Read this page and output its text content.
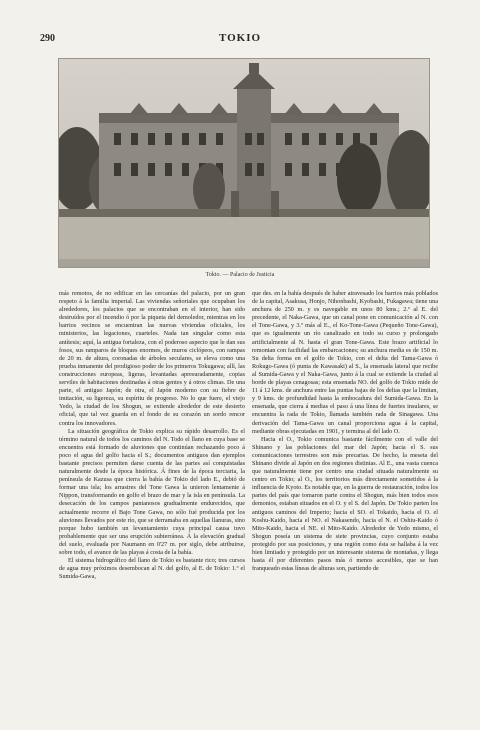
290	TOKIO
Tokio. — Palacio de Justicia

más remotos, de no edificar en las cercanías del palacio, por un gran respeto á la familia imperial. Las viviendas señoriales que ocupaban los alrededores, los palacios que se encontraban en el interior, han sido destruídos por el incendio ó por la piqueta del demoledor, mientras en los barrios vecinos se encuentran las nuevas viviendas oficiales, los ministerios, las legaciones, cuarteles. Nada tan singular como esta antítesis; aquí, la antigua fortaleza, con el poderoso aspecto que le dan sus fosos, sus ramparos de bloques enormes, de muros ciclópeos, con rampas de 20 m. de altura, coronadas de árboles seculares, se eleva como una prueba inmanente del prodigioso poder de los primeros Tokugawa; allí, las construcciones europeas, ligeras, levantadas apresuradamente, copias serviles de habitaciones destinadas á otras gentes y á otros climas. De una parte, el antiguo Japón; de otra, el Japón moderno con su fiebre de imitación, su ligereza, su espíritu de progreso. No lo que fuere, el viejo Yedo, la ciudad de los Shogun, se extiende alrededor de este desierto oficial, que tal vez guarda en el fondo de su corazón un sordo rencor contra los innovadores.

La situación geográfica de Tokio explica su rápido desarrollo. Es el término natural de todos los caminos del N. Todo el llano en cuya base se encuentra está formado de aluviones que continúan rechazando poco á poco el agua del golfo hacia el S.; documentos antiguos dan ejemplos bastante precisos permiten darse cuenta de las partes así conquistadas naturalmente desde la época histórica. Á fines de la época terciaria, la península de Kazusa que cierra la bahía de Tokio del lado E., debió de formar una isla; los arrastres del Tone Gawa la unieron lentamente á Nippon, transformando en golfo el brazo de mar y la isla en península. La desecación de los campos pantanosos gradualmente endurecidos, que actualmente recorre el Bajo Tone Gawa, no sólo fué producida por los aluviones llevados por este río, que se derramaba en aquellas llanuras, sino porque hubo también un levantamiento cuya principal causa tuvo probablemente que ser una erupción subterránea. Á la elevación gradual del suelo, evaluada por Naumann en 0'27 m. por siglo, debe atribuirse, sobre todo, el avance de las playas á costa de la bahía.

El sistema hidrográfico del llano de Tokio es bastante rico; tres cursos de agua muy próximos desembocan al N. del golfo, al E. de Tokio: 1.º el Sumida-Gawa,

que des. en la bahía después de haber atravesado los barrios más poblados de la capital, Asakusa, Honjo, Nihonbashi, Kyobashi, Fukagawa; tiene una anchura de 250 m. y es navegable en unos 80 kms.; 2.º al E. del precedente, el Naka-Gawa, que un canal pone en comunicación al N. con el Tone-Gawa, y 3.º más al E., el Ko-Tone-Gawa (Pequeño Tone-Gawa), que es igualmente un río canalizado en todo su curso y prolongado artificialmente al N. hasta el gran Tone-Gawa. Este brazo artificial lo remontan con facilidad las embarcaciones; su anchura media es de 150 m. Su delta forma en el golfo de Tokio, con el delta del Tama-Gawa ó Rokugo-Gawa (ó punta de Kawasaki) al S., la ensenada lateral que recibe al Sumida-Gawa y el Naka-Gawa, junto á la cual se extiende la ciudad al borde de playas cenagosas; esta ensenada NO. del golfo de Tokio mide de 11 á 12 kms. de anchura entre las puntas bajas de los deltas que la limitan, y 9 kms. de profundidad hasta la embocadura del Sumida-Gawa. En la ensenada, que cierra á medias el paso á una línea de fuertes insulares, se encuentra la rada de Tokio, llamada también rada de Sinagawa. Una derivación del Tama-Gawa un canal proporciona agua á la capital, mediante obras ejecutadas en 1901, y termina al del lado O.

Hacia el O., Tokio comunica bastante fácilmente con el valle del Shinano y las poblaciones del mar del Japón; hacia el S. sus comunicaciones terrestres son más precarias. De hecho, la meseta del Shinano divide al Japón en dos regiones distintas. Al E., una vasta cuenca que naturalmente tiene por centro una ciudad situada naturalmente su centro en Tokio; al O., los territorios más directamente sometidos á la influencia de Kyoto. Es notable que, en la guerra de restauración, todos los partes del país que tomaron parte contra el Shogun, más bien todos esos demonios, estaban situados en el O. y el S. del Japón. De Tokio parten los antiguos caminos del Imperio; hacia el SO. el Tokaido, hacia el O. el Koshu-Kaido, hacia el NO. el Nakasendo, hacia el N. el Oshiu-Kaido ó Mito-Kaido, hacia el NE. el Mito-Kaido. Alrededor de Yedo mismo, el Shogun poseía un sistema de siete provincias, cuyo conjunto estaba protegido por sus posiciones, y una región como ésta se hallaba á la vez bien limitado y protegido por un interesante sistema de montañas, y llega hasta él por diferentes pasos más ó menos accesibles, que se han franqueado estas líneas de alturas son, partiendo de
